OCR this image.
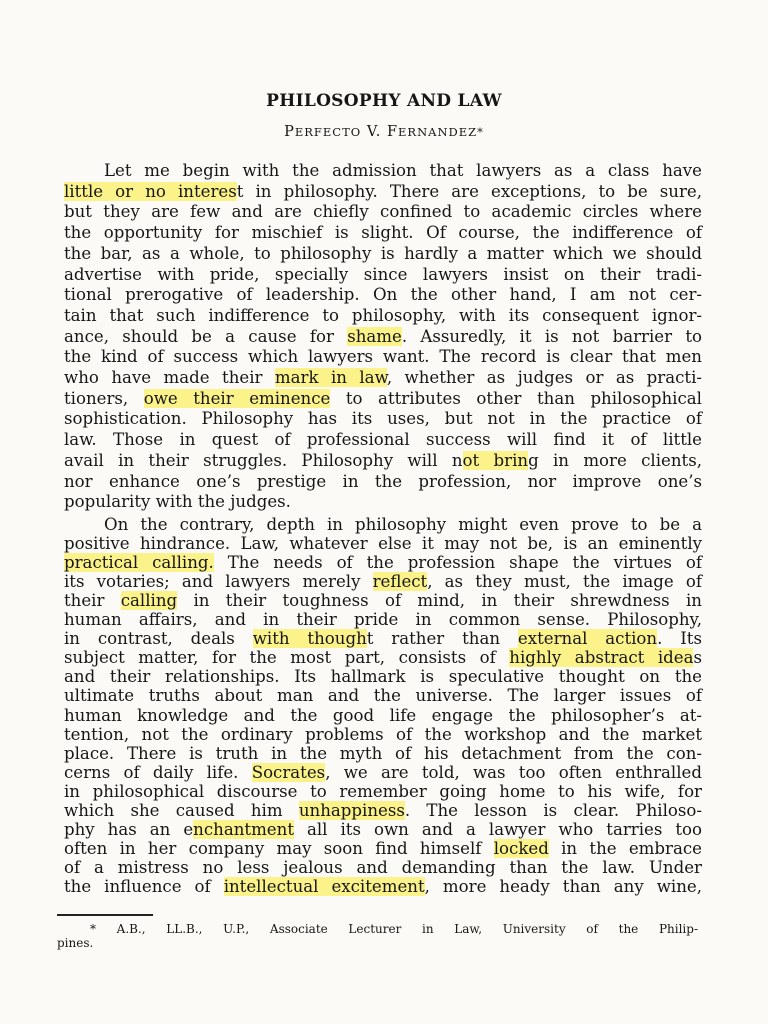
PHILOSOPHY AND LAW
PERFECTO V. FERNANDEZ*
Let me begin with the admission that lawyers as a class have
little or no interest in philosophy. There are exceptions, to be sure,
but they are few and are chiefly confined to academic circles where
the opportunity for mischief is slight. Of course, the indifference of
the bar, as a whole, to philosophy is hardly a matter which we should
advertise with pride, specially since lawyers insist on their tradi-
tional prerogative of leadership. On the other hand, I am not cer-
tain that such indifference to philosophy, with its consequent ignor-
ance, should be a cause for shame. Assuredly, it is not barrier to
the kind of success which lawyers want. The record is clear that men
who have made their mark in law, whether as judges or as practi-
tioners, owe their eminence to attributes other than philosophical
sophistication. Philosophy has its uses, but not in the practice of
law. Those in quest of professional success will find it of little
avail in their struggles. Philosophy will not bring in more clients,
nor enhance one’s prestige in the profession, nor improve one’s
popularity with the judges.
On the contrary, depth in philosophy might even prove to be a
positive hindrance. Law, whatever else it may not be, is an eminently
practical calling. The needs of the profession shape the virtues of
its votaries; and lawyers merely reflect, as they must, the image of
their calling in their toughness of mind, in their shrewdness in
human affairs, and in their pride in common sense. Philosophy,
in contrast, deals with thought rather than external action. Its
subject matter, for the most part, consists of highly abstract ideas
and their relationships. Its hallmark is speculative thought on the
ultimate truths about man and the universe. The larger issues of
human knowledge and the good life engage the philosopher’s at-
tention, not the ordinary problems of the workshop and the market
place. There is truth in the myth of his detachment from the con-
cerns of daily life. Socrates, we are told, was too often enthralled
in philosophical discourse to remember going home to his wife, for
which she caused him unhappiness. The lesson is clear. Philoso-
phy has an enchantment all its own and a lawyer who tarries too
often in her company may soon find himself locked in the embrace
of a mistress no less jealous and demanding than the law. Under
the influence of intellectual excitement, more heady than any wine,
* A.B., LL.B., U.P., Associate Lecturer in Law, University of the Philip-
pines.
